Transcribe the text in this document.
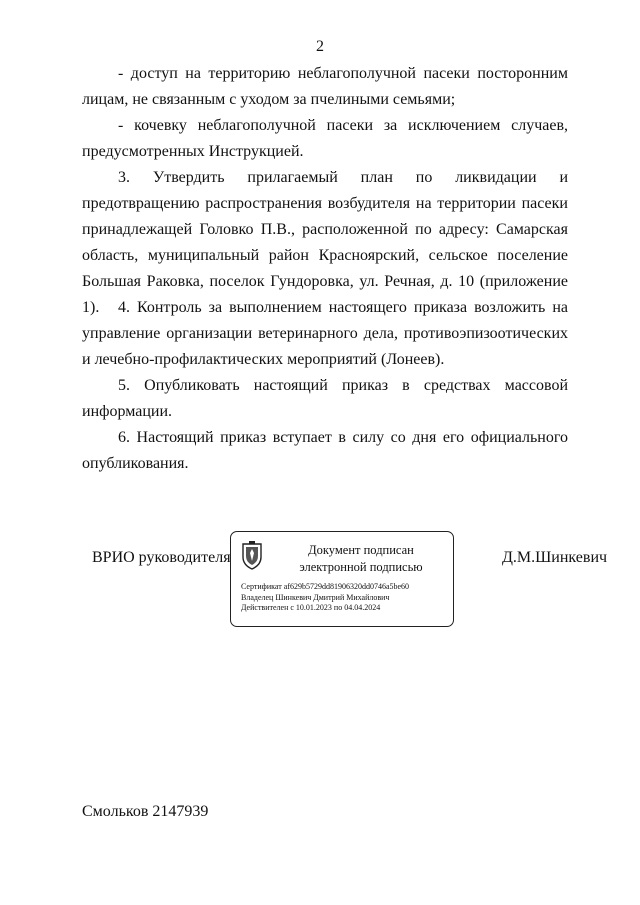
2
- доступ на территорию неблагополучной пасеки посторонним лицам, не связанным с уходом за пчелиными семьями;
- кочевку неблагополучной пасеки за исключением случаев, предусмотренных Инструкцией.
3. Утвердить прилагаемый план по ликвидации и предотвращению распространения возбудителя на территории пасеки принадлежащей Головко П.В., расположенной по адресу: Самарская область, муниципальный район Красноярский, сельское поселение Большая Раковка, поселок Гундоровка, ул. Речная, д. 10 (приложение 1).	4. Контроль за выполнением настоящего приказа возложить на управление организации ветеринарного дела, противоэпизоотических и лечебно-профилактических мероприятий (Лонеев).
5. Опубликовать настоящий приказ в средствах массовой информации.
6. Настоящий приказ вступает в силу со дня его официального опубликования.
ВРИО руководителя	Документ подписан
электронной подписью
Сертификат af629b5729dd81906320dd0746a5be60
Владелец Шинкевич Дмитрий Михайлович
Действителен с 10.01.2023 по 04.04.2024
Д.М.Шинкевич
Смольков 2147939
